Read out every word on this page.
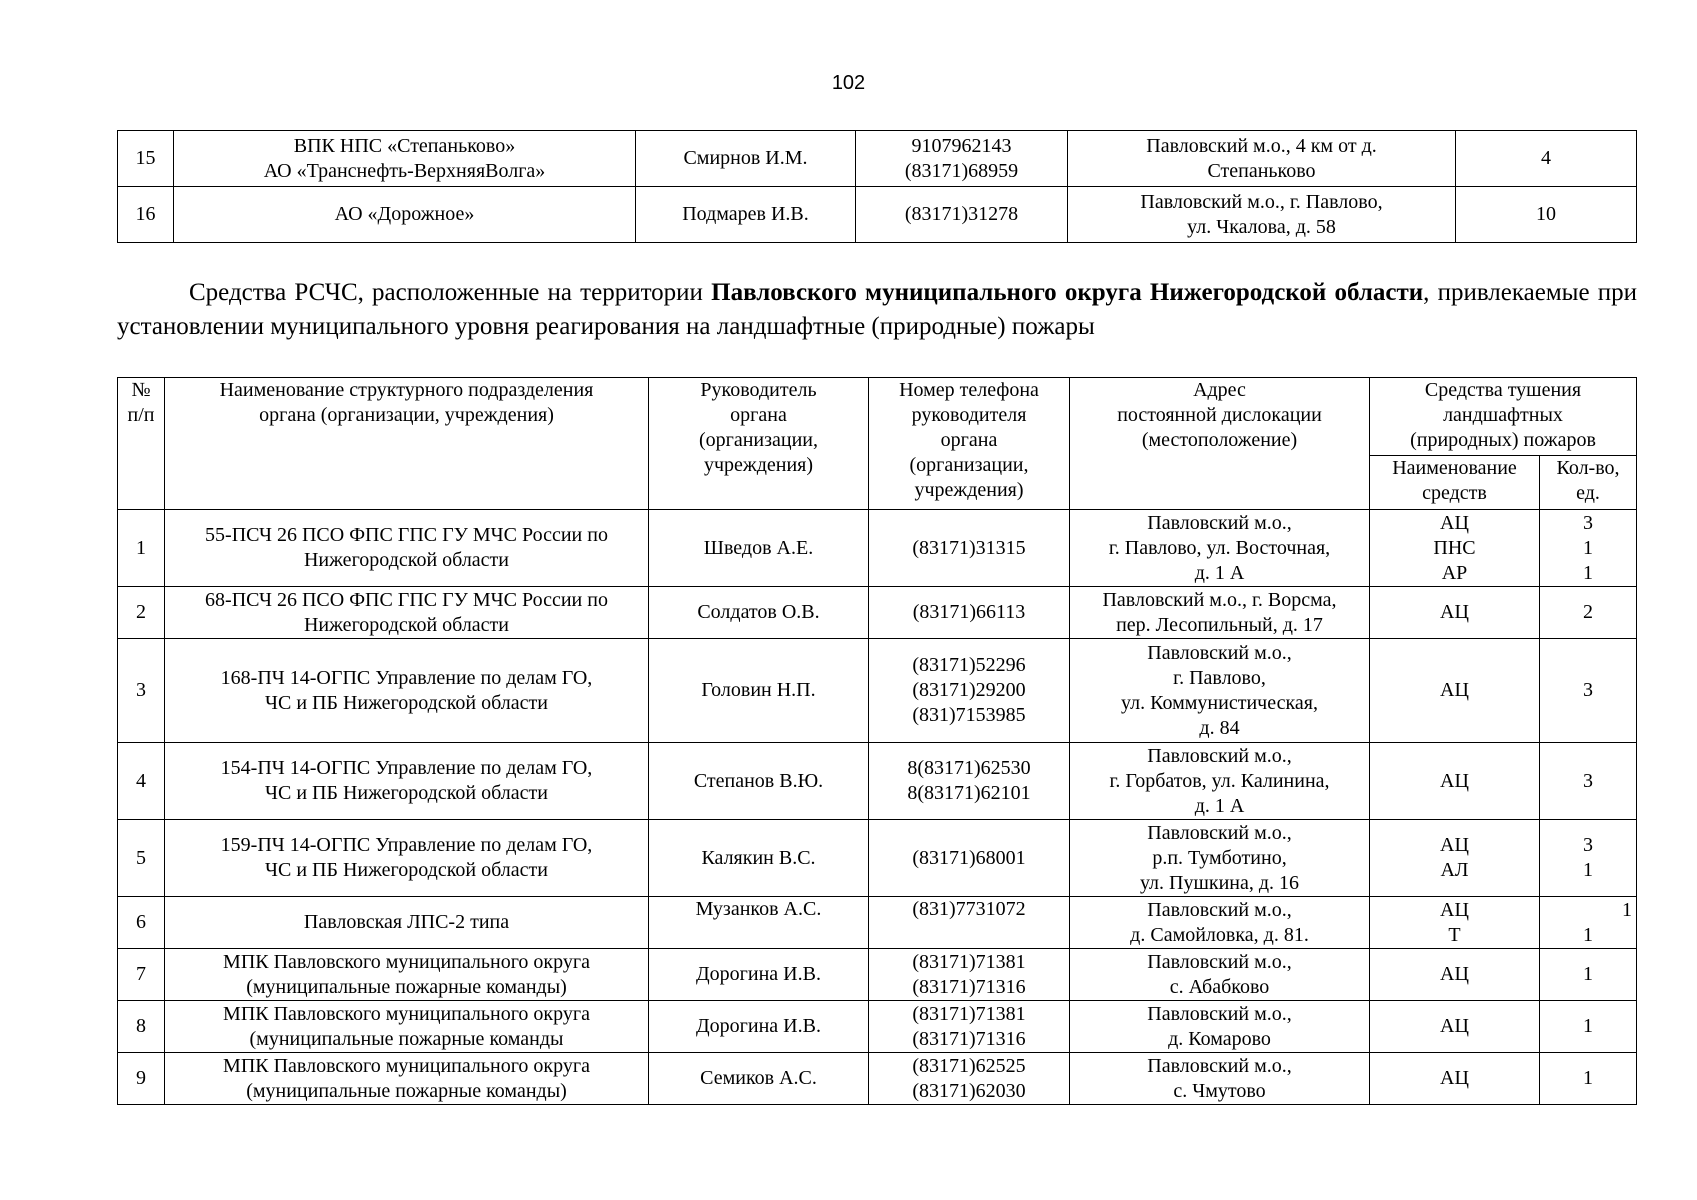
102
15	ВПК НПС «Степаньково»
АО «Транснефть-ВерхняяВолга»	Смирнов И.М.	9107962143
(83171)68959	Павловский м.о., 4 км от д.
Степаньково	4
16	АО «Дорожное»	Подмарев И.В.	(83171)31278	Павловский м.о., г. Павлово,
ул. Чкалова, д. 58	10
Средства РСЧС, расположенные на территории Павловского муниципального округа Нижегородской области, привлекаемые при установлении муниципального уровня реагирования на ландшафтные (природные) пожары
№
п/п	Наименование структурного подразделения
органа (организации, учреждения)	Руководитель
органа
(организации,
учреждения)	Номер телефона
руководителя
органа
(организации,
учреждения)	Адрес
постоянной дислокации
(местоположение)	Средства тушения
ландшафтных
(природных) пожаров	

					Наименование
средств	Кол-во,
ед.

1	55-ПСЧ 26 ПСО ФПС ГПС ГУ МЧС России по
Нижегородской области	Шведов А.Е.	(83171)31315	Павловский м.о.,
г. Павлово, ул. Восточная,
д. 1 А	АЦ
ПНС
АР	3
1
1

2	68-ПСЧ 26 ПСО ФПС ГПС ГУ МЧС России по
Нижегородской области	Солдатов О.В.	(83171)66113	Павловский м.о., г. Ворсма,
пер. Лесопильный, д. 17	АЦ	2

3	168-ПЧ 14-ОГПС Управление по делам ГО,
ЧС и ПБ Нижегородской области	Головин Н.П.	(83171)52296
(83171)29200
(831)7153985	Павловский м.о.,
г. Павлово,
ул. Коммунистическая,
д. 84	АЦ	3

4	154-ПЧ 14-ОГПС Управление по делам ГО,
ЧС и ПБ Нижегородской области	Степанов В.Ю.	8(83171)62530
8(83171)62101	Павловский м.о.,
г. Горбатов, ул. Калинина,
д. 1 А	АЦ	3

5	159-ПЧ 14-ОГПС Управление по делам ГО,
ЧС и ПБ Нижегородской области	Калякин В.С.	(83171)68001	Павловский м.о.,
р.п. Тумботино,
ул. Пушкина, д. 16	АЦ
АЛ	3
1

6	Павловская ЛПС-2 типа	Музанков А.С.	(831)7731072	Павловский м.о.,
д. Самойловка, д. 81.	АЦ
Т	1
1

7	МПК Павловского муниципального округа
(муниципальные пожарные команды)	Дорогина И.В.	(83171)71381
(83171)71316	Павловский м.о.,
с. Абабково	АЦ	1

8	МПК Павловского муниципального округа
(муниципальные пожарные команды	Дорогина И.В.	(83171)71381
(83171)71316	Павловский м.о.,
д. Комарово	АЦ	1

9	МПК Павловского муниципального округа
(муниципальные пожарные команды)	Семиков А.С.	(83171)62525
(83171)62030	Павловский м.о.,
с. Чмутово	АЦ	1
